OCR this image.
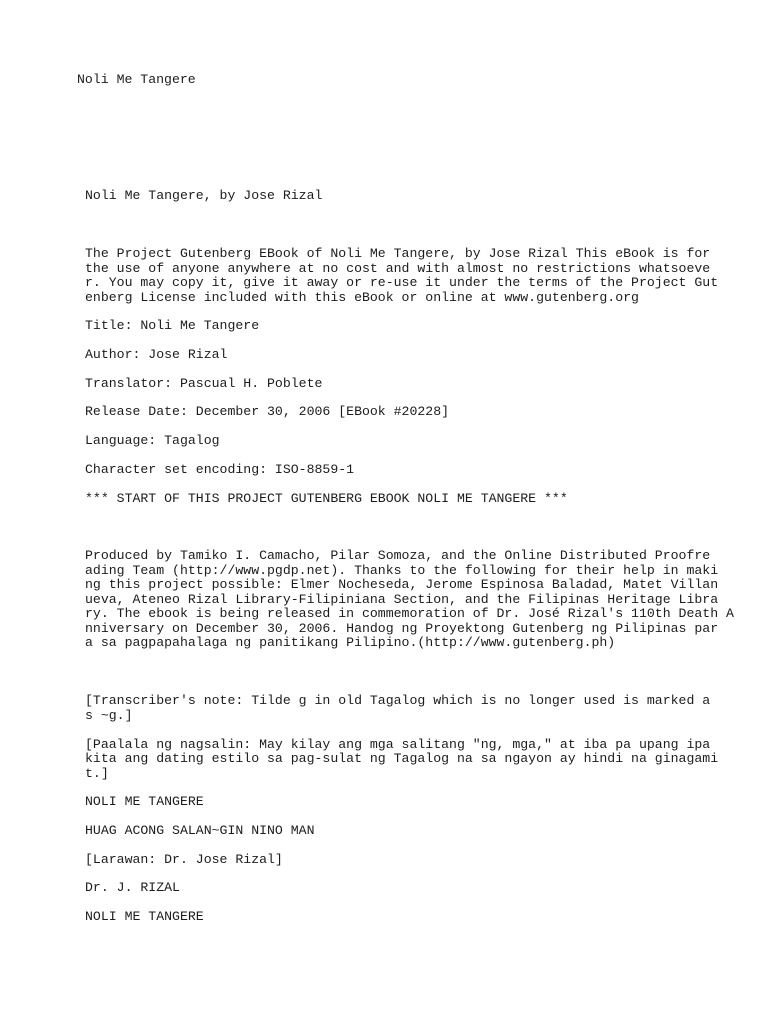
Noli Me Tangere
Noli Me Tangere, by Jose Rizal
The Project Gutenberg EBook of Noli Me Tangere, by Jose Rizal This eBook is for
the use of anyone anywhere at no cost and with almost no restrictions whatsoeve
r. You may copy it, give it away or re-use it under the terms of the Project Gut
enberg License included with this eBook or online at www.gutenberg.org
Title: Noli Me Tangere
Author: Jose Rizal
Translator: Pascual H. Poblete
Release Date: December 30, 2006 [EBook #20228]
Language: Tagalog
Character set encoding: ISO-8859-1
*** START OF THIS PROJECT GUTENBERG EBOOK NOLI ME TANGERE ***
Produced by Tamiko I. Camacho, Pilar Somoza, and the Online Distributed Proofre
ading Team (http://www.pgdp.net). Thanks to the following for their help in maki
ng this project possible: Elmer Nocheseda, Jerome Espinosa Baladad, Matet Villan
ueva, Ateneo Rizal Library-Filipiniana Section, and the Filipinas Heritage Libra
ry. The ebook is being released in commemoration of Dr. José Rizal's 110th Death A
nniversary on December 30, 2006. Handog ng Proyektong Gutenberg ng Pilipinas par
a sa pagpapahalaga ng panitikang Pilipino.(http://www.gutenberg.ph)
[Transcriber's note: Tilde g in old Tagalog which is no longer used is marked a
s ~g.]
[Paalala ng nagsalin: May kilay ang mga salitang "ng, mga," at iba pa upang ipa
kita ang dating estilo sa pag-sulat ng Tagalog na sa ngayon ay hindi na ginagami
t.]
NOLI ME TANGERE
HUAG ACONG SALAN~GIN NINO MAN
[Larawan: Dr. Jose Rizal]
Dr. J. RIZAL
NOLI ME TANGERE
